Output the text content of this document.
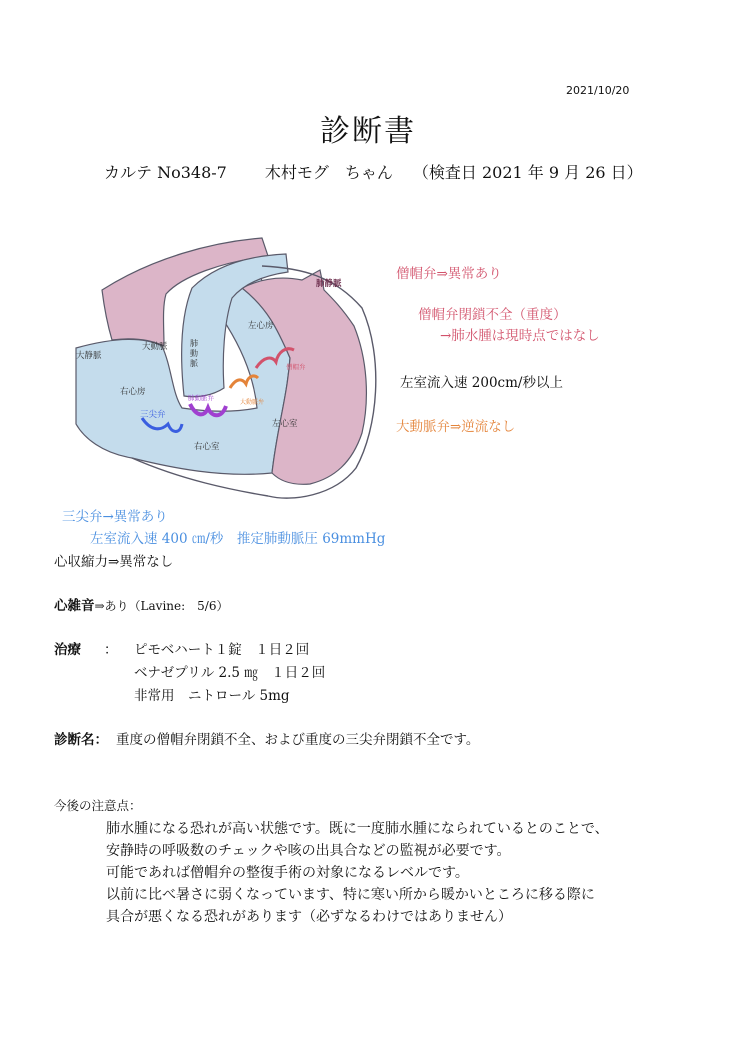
2021/10/20
診断書
カルテ No348-7 木村モグ　ちゃん （検査日 2021 年 9 月 26 日）
肺静脈
左心房
大動脈	肺
動
脈
大静脈
右心房
僧帽弁
大動脈弁
肺動脈弁
三尖弁
右心室
左心室
僧帽弁⇒異常あり
僧帽弁閉鎖不全（重度）
→肺水腫は現時点ではなし
左室流入速 200cm/秒以上
大動脈弁⇒逆流なし
三尖弁→異常あり
左室流入速 400 ㎝/秒　推定肺動脈圧 69mmHg
心収縮力⇒異常なし
心雑音⇒あり（Lavine:　5/6）
治療 ： ピモベハート１錠　１日２回
ベナゼプリル 2.5 ㎎　１日２回
非常用　ニトロール 5mg
診断名： 重度の僧帽弁閉鎖不全、および重度の三尖弁閉鎖不全です。
今後の注意点：
肺水腫になる恐れが高い状態です。既に一度肺水腫になられているとのことで、
安静時の呼吸数のチェックや咳の出具合などの監視が必要です。
可能であれば僧帽弁の整復手術の対象になるレベルです。
以前に比べ暑さに弱くなっています、特に寒い所から暖かいところに移る際に
具合が悪くなる恐れがあります（必ずなるわけではありません）
